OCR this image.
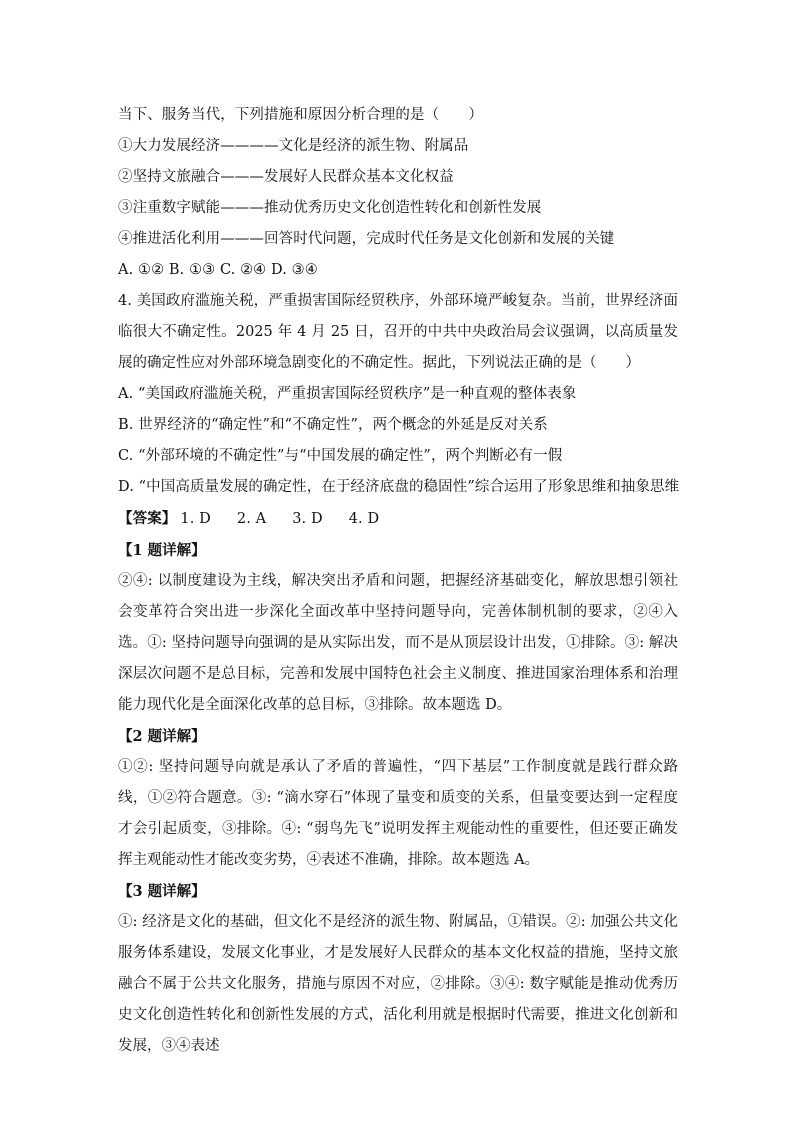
当下、服务当代，下列措施和原因分析合理的是（　　）
①大力发展经济————文化是经济的派生物、附属品
②坚持文旅融合———发展好人民群众基本文化权益
③注重数字赋能———推动优秀历史文化创造性转化和创新性发展
④推进活化利用———回答时代问题，完成时代任务是文化创新和发展的关键
A. ①② B. ①③ C. ②④ D. ③④
4. 美国政府滥施关税，严重损害国际经贸秩序，外部环境严峻复杂。当前，世界经济面临很大不确定性。2025 年 4 月 25 日，召开的中共中央政治局会议强调，以高质量发展的确定性应对外部环境急剧变化的不确定性。据此，下列说法正确的是（　　）
A. “美国政府滥施关税，严重损害国际经贸秩序”是一种直观的整体表象
B. 世界经济的“确定性”和“不确定性”，两个概念的外延是反对关系
C. “外部环境的不确定性”与“中国发展的确定性”，两个判断必有一假
D. “中国高质量发展的确定性，在于经济底盘的稳固性”综合运用了形象思维和抽象思维
【答案】 1. D 2. A 3. D 4. D
【1 题详解】
②④: 以制度建设为主线，解决突出矛盾和问题，把握经济基础变化，解放思想引领社会变革符合突出进一步深化全面改革中坚持问题导向，完善体制机制的要求，②④入选。①: 坚持问题导向强调的是从实际出发，而不是从顶层设计出发，①排除。③: 解决深层次问题不是总目标，完善和发展中国特色社会主义制度、推进国家治理体系和治理能力现代化是全面深化改革的总目标，③排除。故本题选 D。
【2 题详解】
①②: 坚持问题导向就是承认了矛盾的普遍性，“四下基层”工作制度就是践行群众路线，①②符合题意。③: “滴水穿石”体现了量变和质变的关系，但量变要达到一定程度才会引起质变，③排除。④: “弱鸟先飞”说明发挥主观能动性的重要性，但还要正确发挥主观能动性才能改变劣势，④表述不准确，排除。故本题选 A。
【3 题详解】
①: 经济是文化的基础，但文化不是经济的派生物、附属品，①错误。②: 加强公共文化服务体系建设，发展文化事业，才是发展好人民群众的基本文化权益的措施，坚持文旅融合不属于公共文化服务，措施与原因不对应，②排除。③④: 数字赋能是推动优秀历史文化创造性转化和创新性发展的方式，活化利用就是根据时代需要，推进文化创新和发展，③④表述
